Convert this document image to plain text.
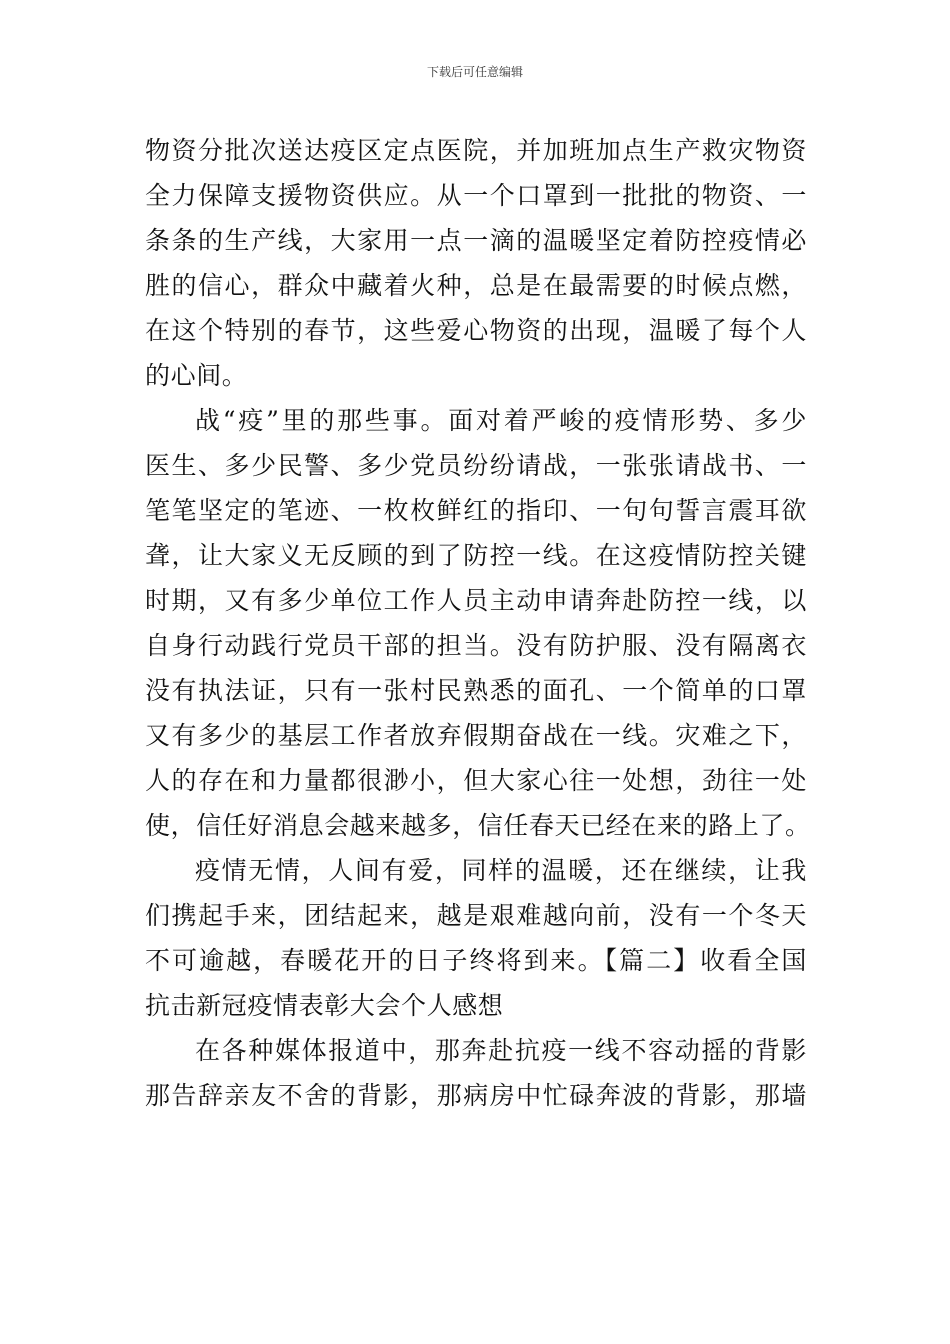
下载后可任意编辑
物资分批次送达疫区定点医院，并加班加点生产救灾物资
全力保障支援物资供应。从一个口罩到一批批的物资、一
条条的生产线，大家用一点一滴的温暖坚定着防控疫情必
胜的信心，群众中藏着火种，总是在最需要的时候点燃，
在这个特别的春节，这些爱心物资的出现，温暖了每个人
的心间。
战“疫”里的那些事。面对着严峻的疫情形势、多少
医生、多少民警、多少党员纷纷请战，一张张请战书、一
笔笔坚定的笔迹、一枚枚鲜红的指印、一句句誓言震耳欲
聋，让大家义无反顾的到了防控一线。在这疫情防控关键
时期，又有多少单位工作人员主动申请奔赴防控一线，以
自身行动践行党员干部的担当。没有防护服、没有隔离衣
没有执法证，只有一张村民熟悉的面孔、一个简单的口罩
又有多少的基层工作者放弃假期奋战在一线。灾难之下，
人的存在和力量都很渺小，但大家心往一处想，劲往一处
使，信任好消息会越来越多，信任春天已经在来的路上了。
疫情无情，人间有爱，同样的温暖，还在继续，让我
们携起手来，团结起来，越是艰难越向前，没有一个冬天
不可逾越，春暖花开的日子终将到来。【篇二】收看全国
抗击新冠疫情表彰大会个人感想
在各种媒体报道中，那奔赴抗疫一线不容动摇的背影
那告辞亲友不舍的背影，那病房中忙碌奔波的背影，那墙
